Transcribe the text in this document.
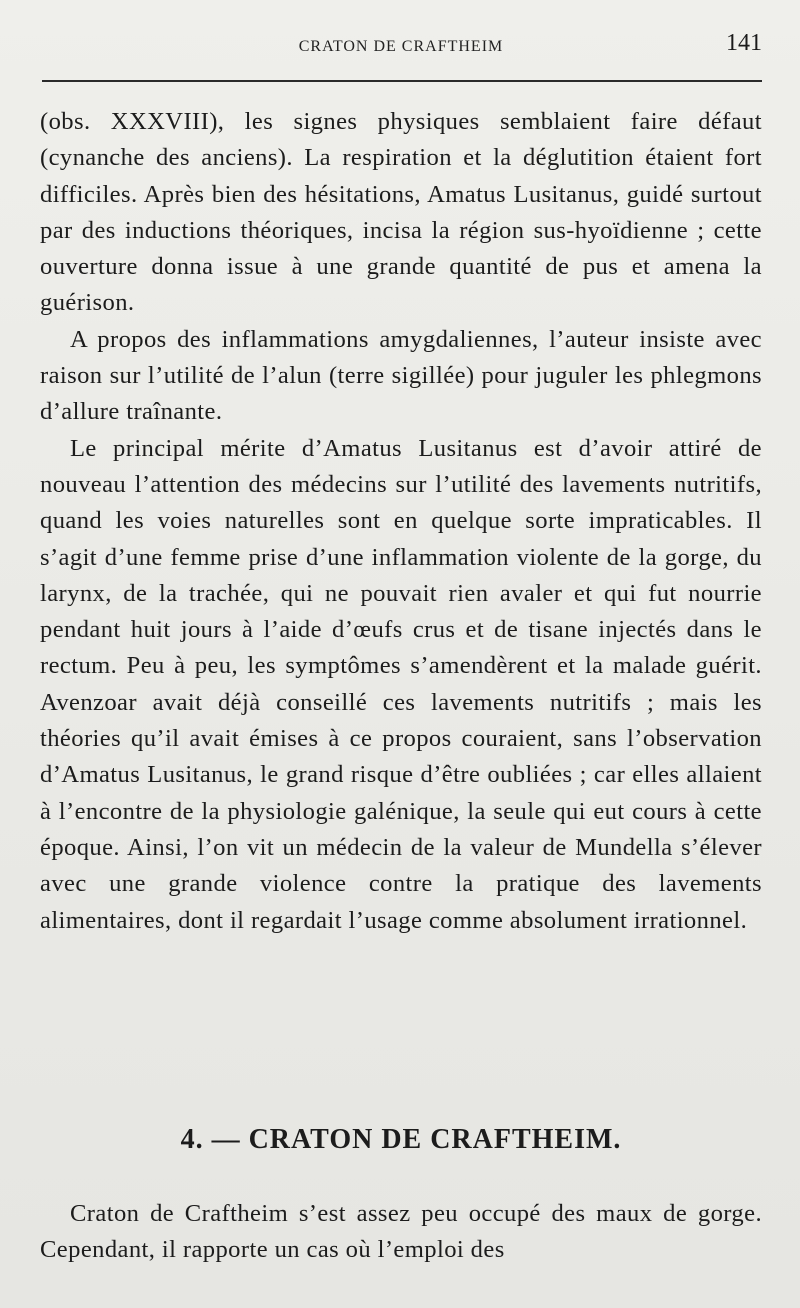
CRATON DE CRAFTHEIM	141

(obs. XXXVIII), les signes physiques semblaient faire défaut (cynanche des anciens). La respiration et la déglutition étaient fort difficiles. Après bien des hésitations, Amatus Lusitanus, guidé surtout par des inductions théoriques, incisa la région sus-hyoïdienne ; cette ouverture donna issue à une grande quantité de pus et amena la guérison.

A propos des inflammations amygdaliennes, l’auteur insiste avec raison sur l’utilité de l’alun (terre sigillée) pour juguler les phlegmons d’allure traînante.

Le principal mérite d’Amatus Lusitanus est d’avoir attiré de nouveau l’attention des médecins sur l’utilité des lavements nutritifs, quand les voies naturelles sont en quelque sorte impraticables. Il s’agit d’une femme prise d’une inflammation violente de la gorge, du larynx, de la trachée, qui ne pouvait rien avaler et qui fut nourrie pendant huit jours à l’aide d’œufs crus et de tisane injectés dans le rectum. Peu à peu, les symptômes s’amendèrent et la malade guérit. Avenzoar avait déjà conseillé ces lavements nutritifs ; mais les théories qu’il avait émises à ce propos couraient, sans l’observation d’Amatus Lusitanus, le grand risque d’être oubliées ; car elles allaient à l’encontre de la physiologie galénique, la seule qui eut cours à cette époque. Ainsi, l’on vit un médecin de la valeur de Mundella s’élever avec une grande violence contre la pratique des lavements alimentaires, dont il regardait l’usage comme absolument irrationnel.

4. — CRATON DE CRAFTHEIM.

Craton de Craftheim s’est assez peu occupé des maux de gorge. Cependant, il rapporte un cas où l’emploi des
